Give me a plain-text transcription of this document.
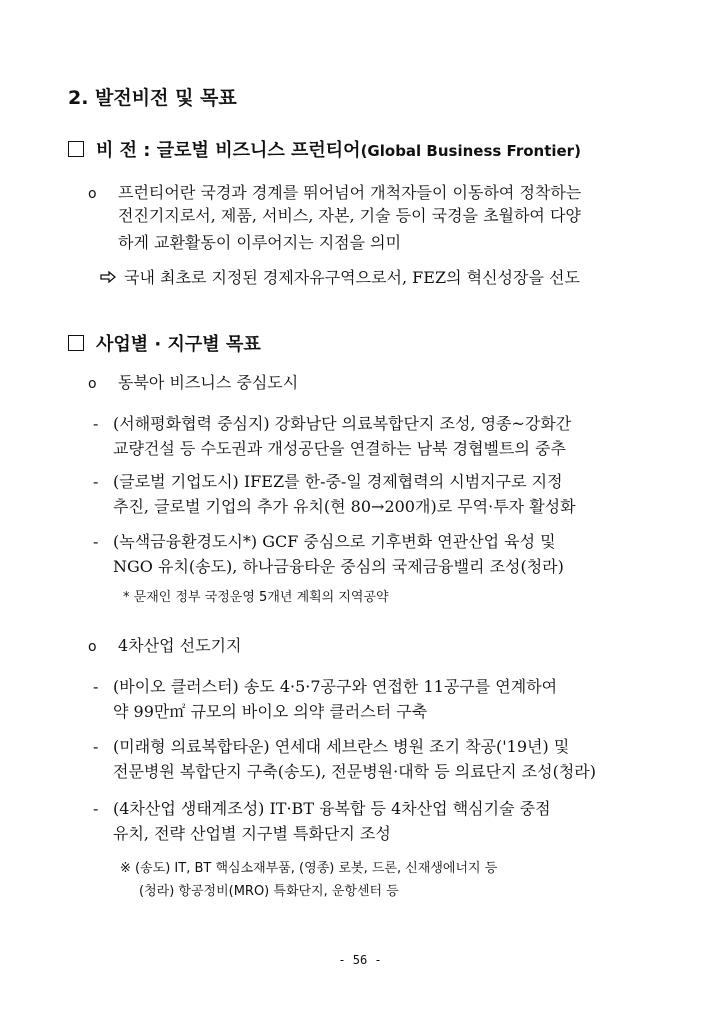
2. 발전비전 및 목표
비 전 : 글로벌 비즈니스 프런티어(Global Business Frontier)
o 프런티어란 국경과 경계를 뛰어넘어 개척자들이 이동하여 정착하는
전진기지로서, 제품, 서비스, 자본, 기술 등이 국경을 초월하여 다양
하게 교환활동이 이루어지는 지점을 의미
국내 최초로 지정된 경제자유구역으로서, FEZ의 혁신성장을 선도
사업별 · 지구별 목표
o 동북아 비즈니스 중심도시
- (서해평화협력 중심지) 강화남단 의료복합단지 조성, 영종~강화간
교량건설 등 수도권과 개성공단을 연결하는 남북 경협벨트의 중추
- (글로벌 기업도시) IFEZ를 한-중-일 경제협력의 시범지구로 지정
추진, 글로벌 기업의 추가 유치(현 80→200개)로 무역·투자 활성화
- (녹색금융환경도시*) GCF 중심으로 기후변화 연관산업 육성 및
NGO 유치(송도), 하나금융타운 중심의 국제금융밸리 조성(청라)
* 문재인 정부 국정운영 5개년 계획의 지역공약
o 4차산업 선도기지
- (바이오 클러스터) 송도 4·5·7공구와 연접한 11공구를 연계하여
약 99만㎡ 규모의 바이오 의약 클러스터 구축
- (미래형 의료복합타운) 연세대 세브란스 병원 조기 착공('19년) 및
전문병원 복합단지 구축(송도), 전문병원·대학 등 의료단지 조성(청라)
- (4차산업 생태계조성) IT·BT 융복합 등 4차산업 핵심기술 중점
유치, 전략 산업별 지구별 특화단지 조성
※ (송도) IT, BT 핵심소재부품, (영종) 로봇, 드론, 신재생에너지 등
(청라) 항공정비(MRO) 특화단지, 운항센터 등
- 56 -
